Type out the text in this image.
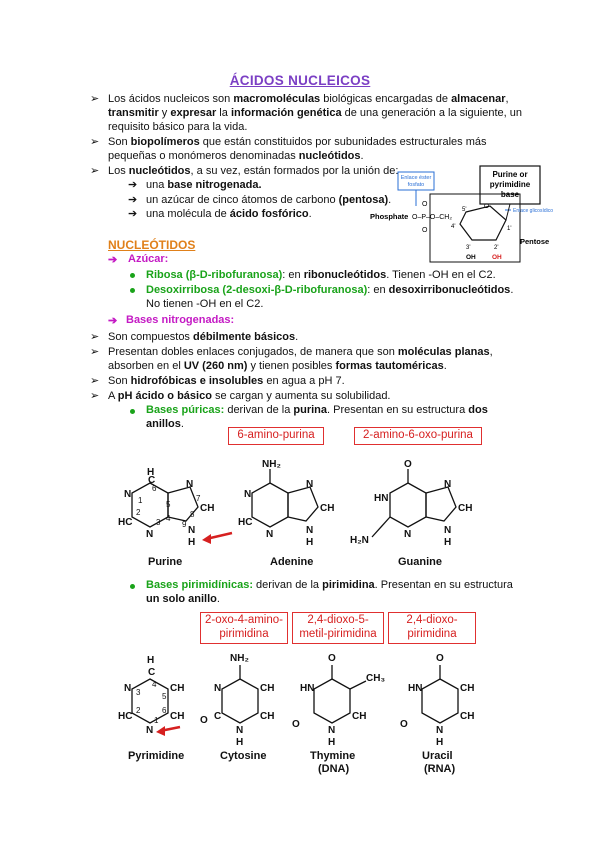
ÁCIDOS NUCLEICOS
➢ Los ácidos nucleicos son macromoléculas biológicas encargadas de almacenar,
transmitir y expresar la información genética de una generación a la siguiente, un
requisito básico para la vida.
➢ Son biopolímeros que están constituidos por subunidades estructurales más
pequeñas o monómeros denominadas nucleótidos.
➢ Los nucleótidos, a su vez, están formados por la unión de:
➔ una base nitrogenada.
➔ un azúcar de cinco átomos de carbono (pentosa).
➔ una molécula de ácido fosfórico.
Purine or
pyrimidine
base
Enlace éster
fosfato
Enlace glicosídico
Phosphate
O
O–P–O–CH₂
O
5'	O
4'	1'
3'	2'
OH	OH
Pentose
NUCLEÓTIDOS
➔ Azúcar:
Ribosa (β-D-ribofuranosa): en ribonucleótidos. Tienen -OH en el C2.
Desoxirribosa (2-desoxi-β-D-ribofuranosa): en desoxirribonucleótidos.
No tienen -OH en el C2.
➔ Bases nitrogenadas:
➢ Son compuestos débilmente básicos.
➢ Presentan dobles enlaces conjugados, de manera que son moléculas planas,
absorben en el UV (260 nm) y tienen posibles formas tautoméricas.
➢ Son hidrofóbicas e insolubles en agua a pH 7.
➢ A pH ácido o básico se cargan y aumenta su solubilidad.
Bases púricas: derivan de la purina. Presentan en su estructura dos
anillos.
6-amino-purina	2-amino-6-oxo-purina
H
C
N
HC
N
N
CH
N
H
6
1
2
3
5
4
7
8
9
NH₂
N
HC
N
N
CH
N
H
O
HN
H₂N
N
N
CH
N
H
Purine	Adenine	Guanine
Bases pirimidínicas: derivan de la pirimidina. Presentan en su estructura
un solo anillo.
2-oxo-4-amino-
pirimidina
2,4-dioxo-5-
metil-pirimidina
2,4-dioxo-
pirimidina
H
C
N	CH
HC	CH
N
4
3	5
2	6
1
NH₂
N	CH
O C	CH
N
H
O
CH₃
HN
O
CH
N
H
O
HN	CH
O
CH
N
H
Pyrimidine	Cytosine	Thymine
(DNA)
Uracil
(RNA)
